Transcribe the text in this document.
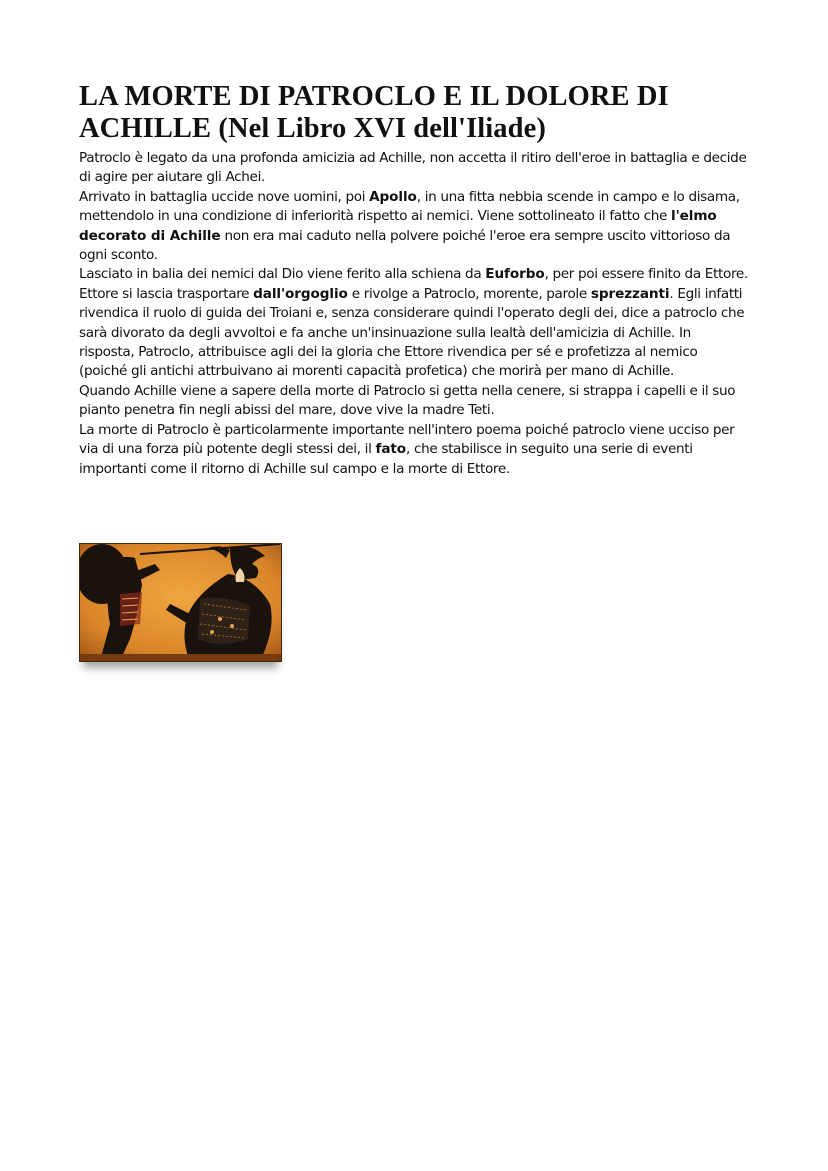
LA MORTE DI PATROCLO E IL DOLORE DI ACHILLE (Nel Libro XVI dell'Iliade)

Patroclo è legato da una profonda amicizia ad Achille, non accetta il ritiro dell'eroe in battaglia e decide di agire per aiutare gli Achei.

Arrivato in battaglia uccide nove uomini, poi Apollo, in una fitta nebbia scende in campo e lo disama, mettendolo in una condizione di inferiorità rispetto ai nemici. Viene sottolineato il fatto che l'elmo decorato di Achille non era mai caduto nella polvere poiché l'eroe era sempre uscito vittorioso da ogni sconto.

Lasciato in balia dei nemici dal Dio viene ferito alla schiena da Euforbo, per poi essere finito da Ettore.

Ettore si lascia trasportare dall'orgoglio e rivolge a Patroclo, morente, parole sprezzanti. Egli infatti rivendica il ruolo di guida dei Troiani e, senza considerare quindi l'operato degli dei, dice a patroclo che sarà divorato da degli avvoltoi e fa anche un'insinuazione sulla lealtà dell'amicizia di Achille. In risposta, Patroclo, attribuisce agli dei la gloria che Ettore rivendica per sé e profetizza al nemico (poiché gli antichi attrbuivano ai morenti capacità profetica) che morirà per mano di Achille.

Quando Achille viene a sapere della morte di Patroclo si getta nella cenere, si strappa i capelli e il suo pianto penetra fin negli abissi del mare, dove vive la madre Teti.

La morte di Patroclo è particolarmente importante nell'intero poema poiché patroclo viene ucciso per via di una forza più potente degli stessi dei, il fato, che stabilisce in seguito una serie di eventi importanti come il ritorno di Achille sul campo e la morte di Ettore.
